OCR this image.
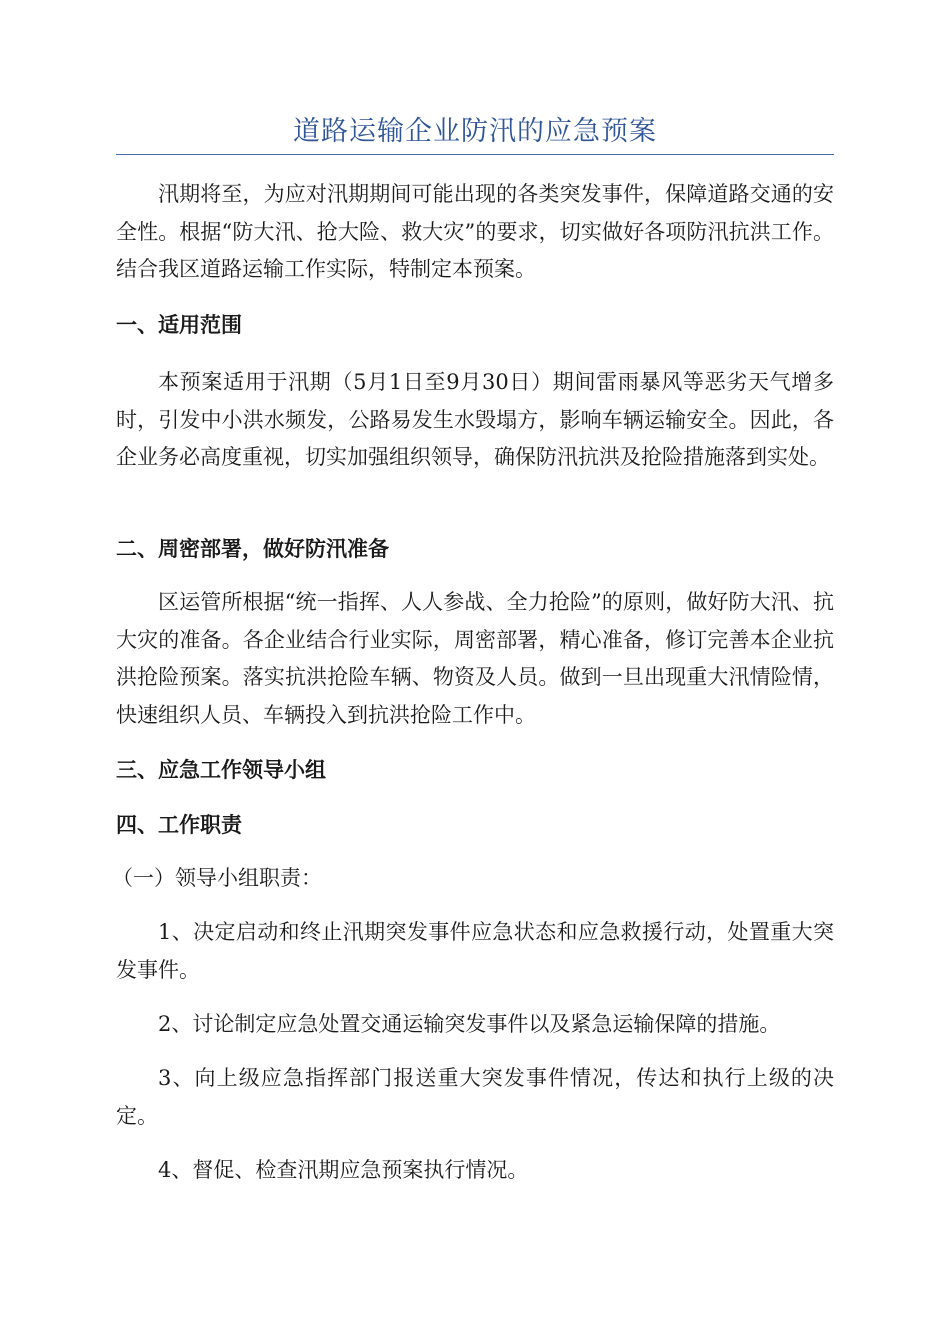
道路运输企业防汛的应急预案

汛期将至，为应对汛期期间可能出现的各类突发事件，保障道路交通的安全性。根据“防大汛、抢大险、救大灾”的要求，切实做好各项防汛抗洪工作。结合我区道路运输工作实际，特制定本预案。

一、适用范围

本预案适用于汛期（5月1日至9月30日）期间雷雨暴风等恶劣天气增多时，引发中小洪水频发，公路易发生水毁塌方，影响车辆运输安全。因此，各企业务必高度重视，切实加强组织领导，确保防汛抗洪及抢险措施落到实处。

二、周密部署，做好防汛准备

区运管所根据“统一指挥、人人参战、全力抢险”的原则，做好防大汛、抗大灾的准备。各企业结合行业实际，周密部署，精心准备，修订完善本企业抗洪抢险预案。落实抗洪抢险车辆、物资及人员。做到一旦出现重大汛情险情，快速组织人员、车辆投入到抗洪抢险工作中。

三、应急工作领导小组
四、工作职责
（一）领导小组职责：

1、决定启动和终止汛期突发事件应急状态和应急救援行动，处置重大突发事件。

2、讨论制定应急处置交通运输突发事件以及紧急运输保障的措施。

3、向上级应急指挥部门报送重大突发事件情况，传达和执行上级的决定。

4、督促、检查汛期应急预案执行情况。
